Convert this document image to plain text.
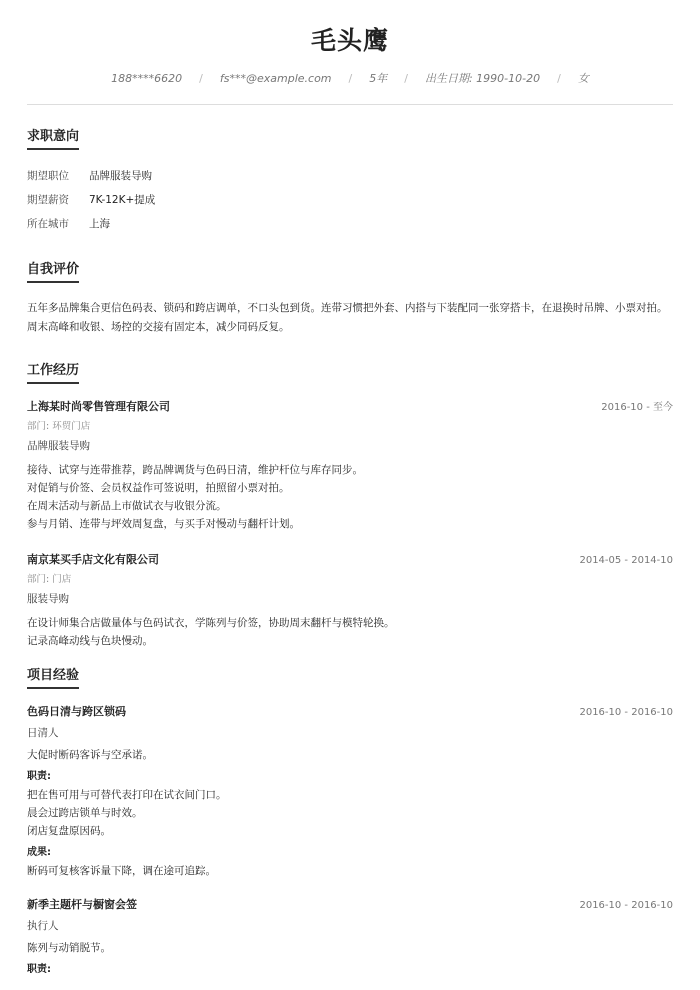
毛头鹰
188****6620 / fs***@example.com / 5年 / 出生日期: 1990-10-20 / 女
求职意向
期望职位	品牌服装导购
期望薪资	7K-12K+提成
所在城市	上海
自我评价
五年多品牌集合更信色码表、锁码和跨店调单，不口头包到货。连带习惯把外套、内搭与下装配同一张穿搭卡，在退换时吊牌、小票对拍。
周末高峰和收银、场控的交接有固定本，减少同码反复。
工作经历
上海某时尚零售管理有限公司	2016-10 - 至今
部门: 环贸门店
品牌服装导购
接待、试穿与连带推荐，跨品牌调货与色码日清，维护杆位与库存同步。
对促销与价签、会员权益作可签说明，拍照留小票对拍。
在周末活动与新品上市做试衣与收银分流。
参与月销、连带与坪效周复盘，与买手对慢动与翻杆计划。
南京某买手店文化有限公司	2014-05 - 2014-10
部门: 门店
服装导购
在设计师集合店做量体与色码试衣，学陈列与价签，协助周末翻杆与模特轮换。
记录高峰动线与色块慢动。
项目经验
色码日清与跨区锁码	2016-10 - 2016-10
日清人
大促时断码客诉与空承诺。
职责:
把在售可用与可替代表打印在试衣间门口。
晨会过跨店锁单与时效。
闭店复盘原因码。
成果:
断码可复核客诉量下降，调在途可追踪。
新季主题杆与橱窗会签	2016-10 - 2016-10
执行人
陈列与动销脱节。
职责:
